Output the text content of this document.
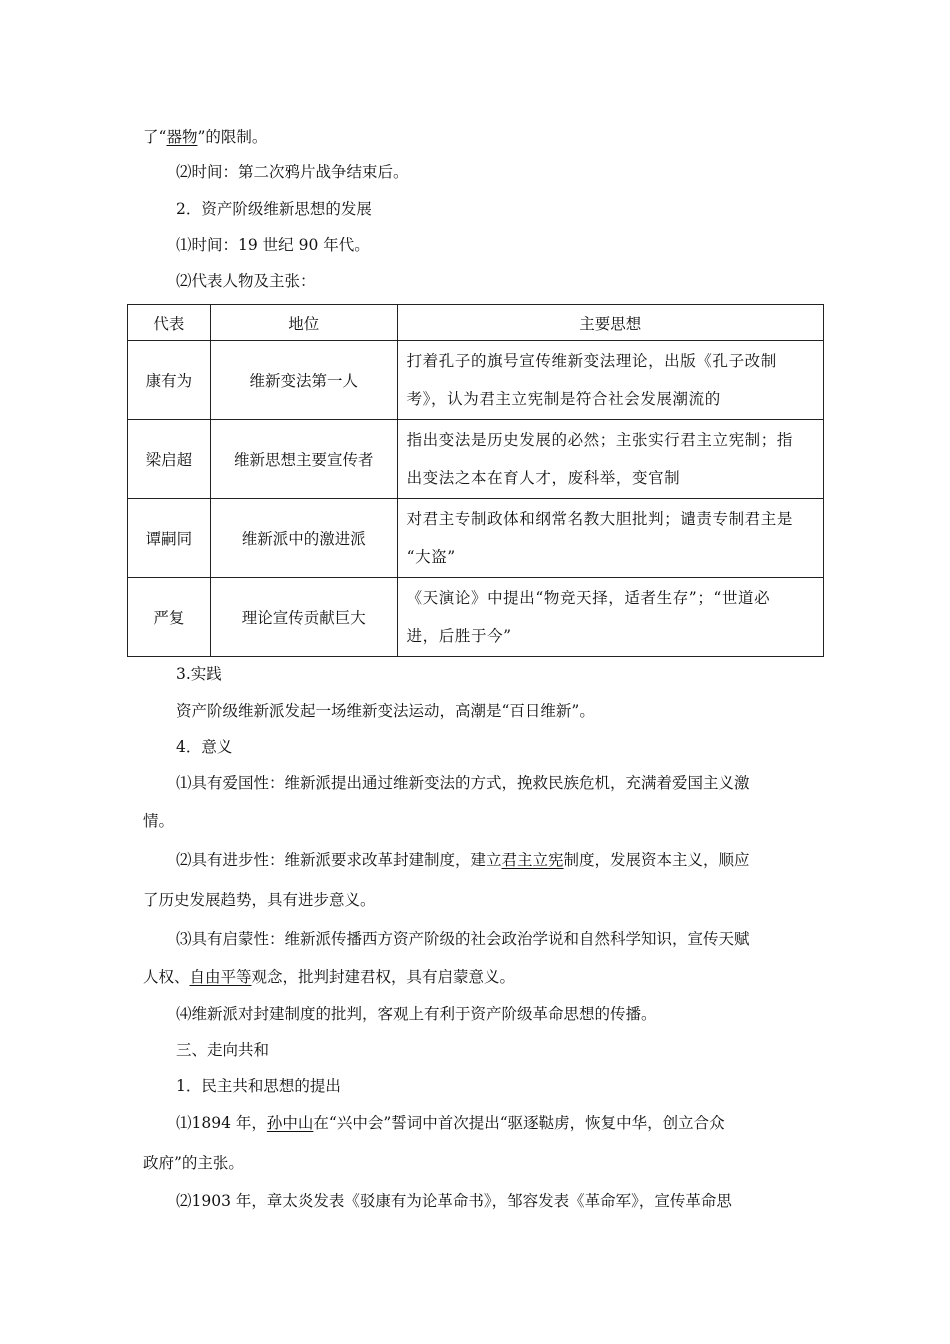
了“器物”的限制。
⑵时间：第二次鸦片战争结束后。
2．资产阶级维新思想的发展
⑴时间：19 世纪 90 年代。
⑵代表人物及主张：
代表	地位	主要思想
康有为	维新变法第一人	打着孔子的旗号宣传维新变法理论，出版《孔子改制
考》，认为君主立宪制是符合社会发展潮流的

梁启超	维新思想主要宣传者	指出变法是历史发展的必然；主张实行君主立宪制；指
出变法之本在育人才，废科举，变官制

谭嗣同	维新派中的激进派	对君主专制政体和纲常名教大胆批判；谴责专制君主是
“大盗”

严复	理论宣传贡献巨大	《天演论》中提出“物竞天择，适者生存”；“世道必
进，后胜于今”
3.实践
资产阶级维新派发起一场维新变法运动，高潮是“百日维新”。
4．意义
⑴具有爱国性：维新派提出通过维新变法的方式，挽救民族危机，充满着爱国主义激
情。
⑵具有进步性：维新派要求改革封建制度，建立君主立宪制度，发展资本主义，顺应
了历史发展趋势，具有进步意义。
⑶具有启蒙性：维新派传播西方资产阶级的社会政治学说和自然科学知识，宣传天赋
人权、自由平等观念，批判封建君权，具有启蒙意义。
⑷维新派对封建制度的批判，客观上有利于资产阶级革命思想的传播。
三、走向共和
1．民主共和思想的提出
⑴1894 年，孙中山在“兴中会”誓词中首次提出“驱逐鞑虏，恢复中华，创立合众
政府”的主张。
⑵1903 年，章太炎发表《驳康有为论革命书》，邹容发表《革命军》，宣传革命思
